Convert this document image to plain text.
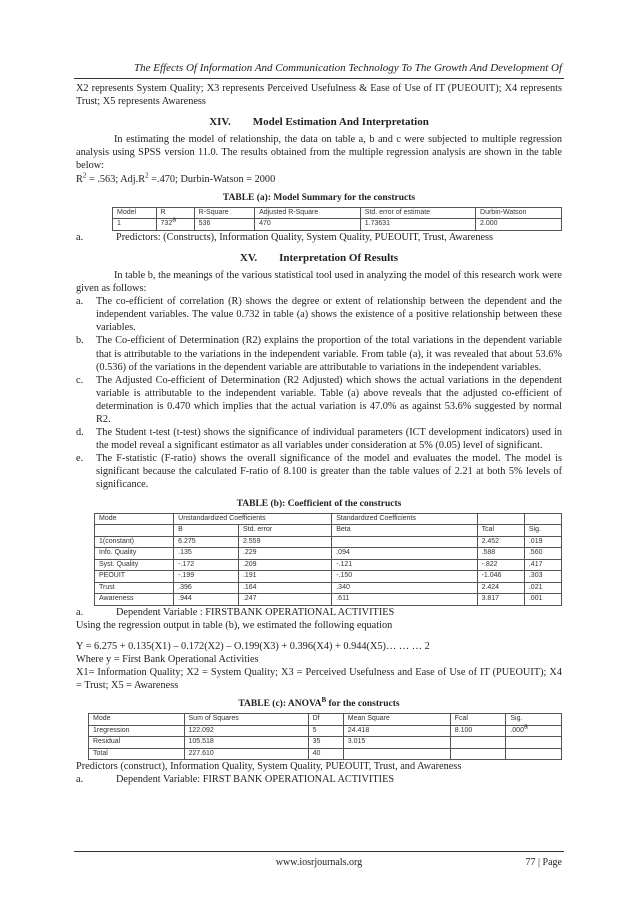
The Effects Of Information And Communication Technology To The Growth And Development Of

X2 represents System Quality; X3 represents Perceived Usefulness & Ease of Use of IT (PUEOUIT); X4 represents Trust; X5 represents Awareness

XIV. Model Estimation And Interpretation

In estimating the model of relationship, the data on table a, b and c were subjected to multiple regression analysis using SPSS version 11.0. The results obtained from the multiple regression analysis are shown in the table below:

$R^2 = .563$; $Adj.R^2 =.470$; Durbin-Watson = 2000

TABLE (a): Model Summary for the constructs
Model	R	R-Square	Adjusted R-Square	Std. error of estimate	Durbin-Watson
1	732$^a$	536	470	1.73631	2.000
a.	Predictors: (Constructs), Information Quality, System Quality, PUEOUIT, Trust, Awareness
XV. Interpretation Of Results

In table b, the meanings of the various statistical tool used in analyzing the model of this research work were given as follows:

a.	The co-efficient of correlation (R) shows the degree or extent of relationship between the dependent and the independent variables. The value 0.732 in table (a) shows the existence of a positive relationship between these variables.
b.	The Co-efficient of Determination (R2) explains the proportion of the total variations in the dependent variable that is attributable to the variations in the independent variable. From table (a), it was revealed that about 53.6% (0.536) of the variations in the dependent variable are attributable to variations in the independent variables.
c.	The Adjusted Co-efficient of Determination (R2 Adjusted) which shows the actual variations in the dependent variable is attributable to the independent variable. Table (a) above reveals that the adjusted co-efficient of determination is 0.470 which implies that the actual variation is 47.0% as against 53.6% suggested by normal R2.
d.	The Student t-test (t-test) shows the significance of individual parameters (ICT development indicators) used in the model reveal a significant estimator as all variables under consideration at 5% (0.05) level of significant.
e.	The F-statistic (F-ratio) shows the overall significance of the model and evaluates the model. The model is significant because the calculated F-ratio of 8.100 is greater than the table values of 2.21 at both 5% levels of significance.
TABLE (b): Coefficient of the constructs
Mode	Unstandardized Coefficients		Standardized Coefficients		
	B	Std. error	Beta	Tcal	Sig.
1(constant)	6.275	2.559		2.452	.019
Info. Quality	.135	.229	.094	.588	.560
Syst. Quality	-.172	.209	-.121	-.822	.417
PEOUIT	-.199	.191	-.150	-1.046	.303
Trust	.396	.164	.340	2.424	.021
Awareness	.944	.247	.611	3.817	.001
a.	Dependent Variable : FIRSTBANK OPERATIONAL ACTIVITIES

Using the regression output in table (b), we estimated the following equation

Y = 6.275 + 0.135(X1) – 0.172(X2) – O.199(X3) + 0.396(X4) + 0.944(X5)… … … 2

Where y = First Bank Operational Activities

X1= Information Quality; X2 = System Quality; X3 = Perceived Usefulness and Ease of Use of IT (PUEOUIT); X4 = Trust; X5 = Awareness

TABLE (c): $ANOVA^B$ for the constructs
Mode	Sum of Squares	Df	Mean Square	Fcal	Sig.
1regression	122.092	5	24.418	8.100	.000$^a$
Residual	105.518	35	3.015		
Total	227.610	40			

Predictors (construct), Information Quality, System Quality, PUEOUIT, Trust, and Awareness

a.	Dependent Variable: FIRST BANK OPERATIONAL ACTIVITIES
www.iosrjournals.org	77 | Page
